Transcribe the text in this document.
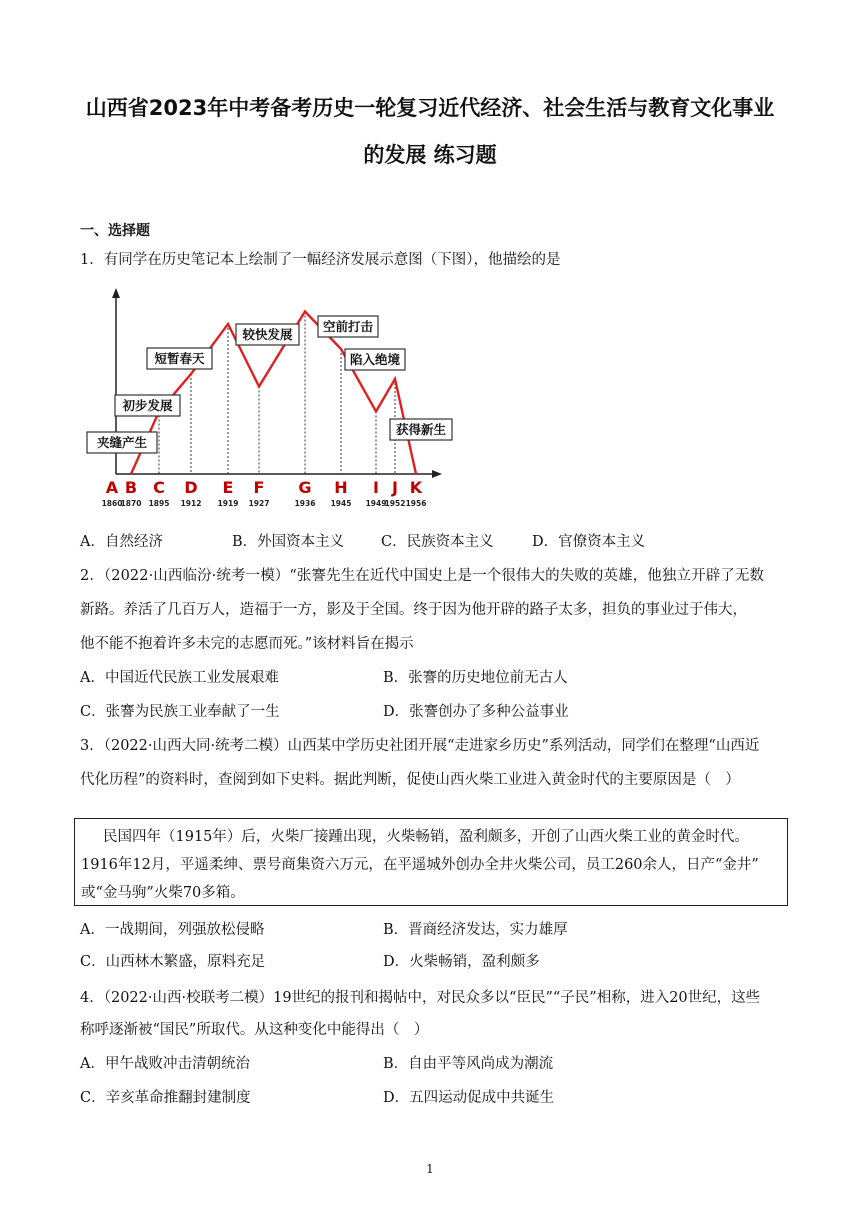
山西省2023年中考备考历史一轮复习近代经济、社会生活与教育文化事业
的发展 练习题
一、选择题
1．有同学在历史笔记本上绘制了一幅经济发展示意图（下图），他描绘的是
A
1860
B
1870
C
1895
D
1912
E
1919
F
1927
G
1936
H
1945
I
1949
J
1952
K
1956
夹缝产生
初步发展
短暂春天
较快发展
空前打击
陷入绝境
获得新生
A．自然经济	B．外国资本主义	C．民族资本主义	D．官僚资本主义
2．（2022·山西临汾·统考一模）“张謇先生在近代中国史上是一个很伟大的失败的英雄，他独立开辟了无数
新路。养活了几百万人，造福于一方，影及于全国。终于因为他开辟的路子太多，担负的事业过于伟大，
他不能不抱着许多未完的志愿而死。”该材料旨在揭示
A．中国近代民族工业发展艰难	B．张謇的历史地位前无古人
C．张謇为民族工业奉献了一生	D．张謇创办了多种公益事业
3．（2022·山西大同·统考二模）山西某中学历史社团开展“走进家乡历史”系列活动，同学们在整理“山西近
代化历程”的资料时，查阅到如下史料。据此判断，促使山西火柴工业进入黄金时代的主要原因是（　）
民国四年（1915年）后，火柴厂接踵出现，火柴畅销，盈利颇多，开创了山西火柴工业的黄金时代。
1916年12月，平遥柔绅、票号商集资六万元，在平遥城外创办全井火柴公司，员工260余人，日产“金井”
或“金马驹”火柴70多箱。
A．一战期间，列强放松侵略	B．晋商经济发达，实力雄厚
C．山西林木繁盛，原料充足	D．火柴畅销，盈利颇多
4．（2022·山西·校联考二模）19世纪的报刊和揭帖中，对民众多以“臣民”“子民”相称，进入20世纪，这些
称呼逐渐被“国民”所取代。从这种变化中能得出（　）
A．甲午战败冲击清朝统治	B．自由平等风尚成为潮流
C．辛亥革命推翻封建制度	D．五四运动促成中共诞生
1
